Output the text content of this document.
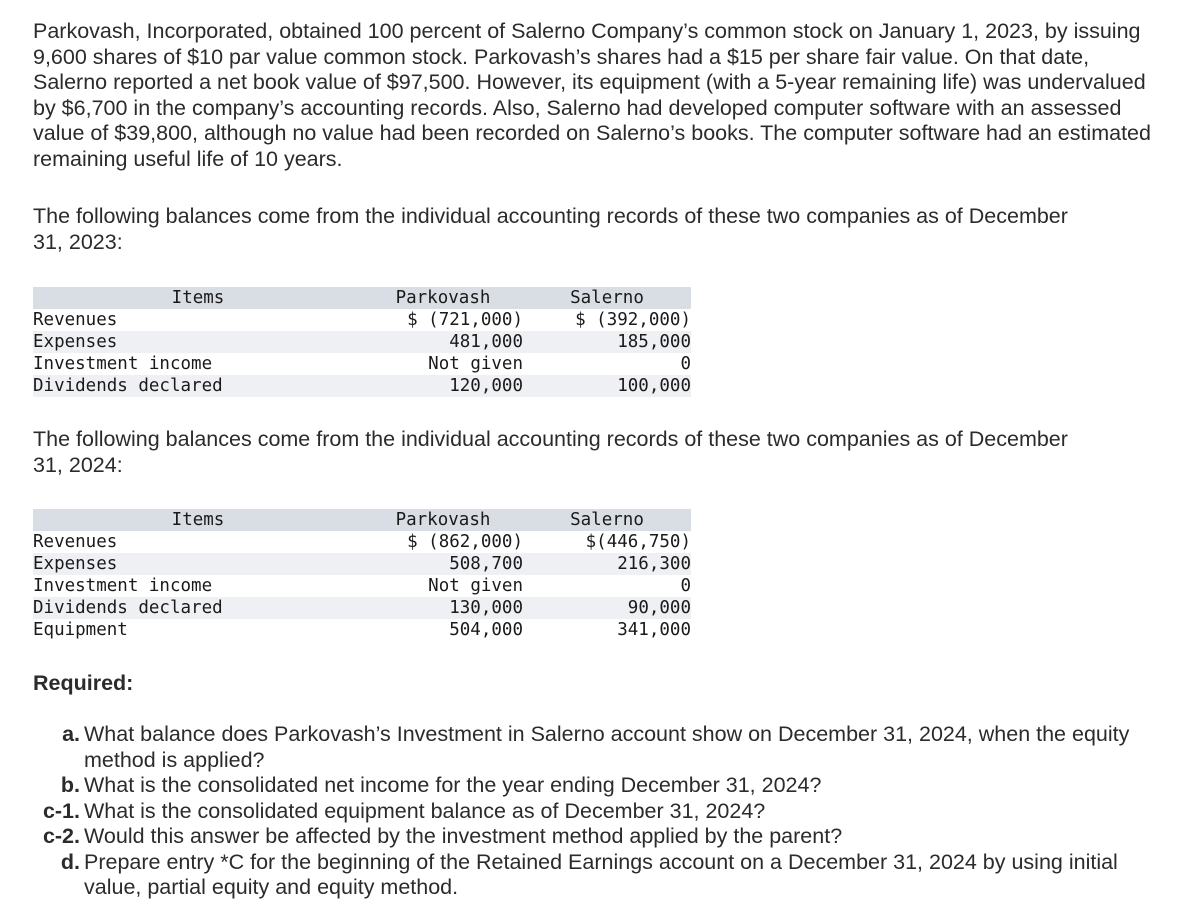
Parkovash, Incorporated, obtained 100 percent of Salerno Company’s common stock on January 1, 2023, by issuing 9,600 shares of $10 par value common stock. Parkovash’s shares had a $15 per share fair value. On that date, Salerno reported a net book value of $97,500. However, its equipment (with a 5-year remaining life) was undervalued by $6,700 in the company’s accounting records. Also, Salerno had developed computer software with an assessed value of $39,800, although no value had been recorded on Salerno’s books. The computer software had an estimated remaining useful life of 10 years.

The following balances come from the individual accounting records of these two companies as of December 31, 2023:

Items	Parkovash	Salerno
Revenues	$ (721,000)	$ (392,000)
Expenses	481,000	185,000
Investment income	Not given	0
Dividends declared	120,000	100,000

The following balances come from the individual accounting records of these two companies as of December 31, 2024:

Items	Parkovash	Salerno
Revenues	$ (862,000)	$(446,750)
Expenses	508,700	216,300
Investment income	Not given	0
Dividends declared	130,000	90,000
Equipment	504,000	341,000

Required:

a. What balance does Parkovash’s Investment in Salerno account show on December 31, 2024, when the equity method is applied?
b. What is the consolidated net income for the year ending December 31, 2024?
c-1. What is the consolidated equipment balance as of December 31, 2024?
c-2. Would this answer be affected by the investment method applied by the parent?
d. Prepare entry *C for the beginning of the Retained Earnings account on a December 31, 2024 by using initial value, partial equity and equity method.
